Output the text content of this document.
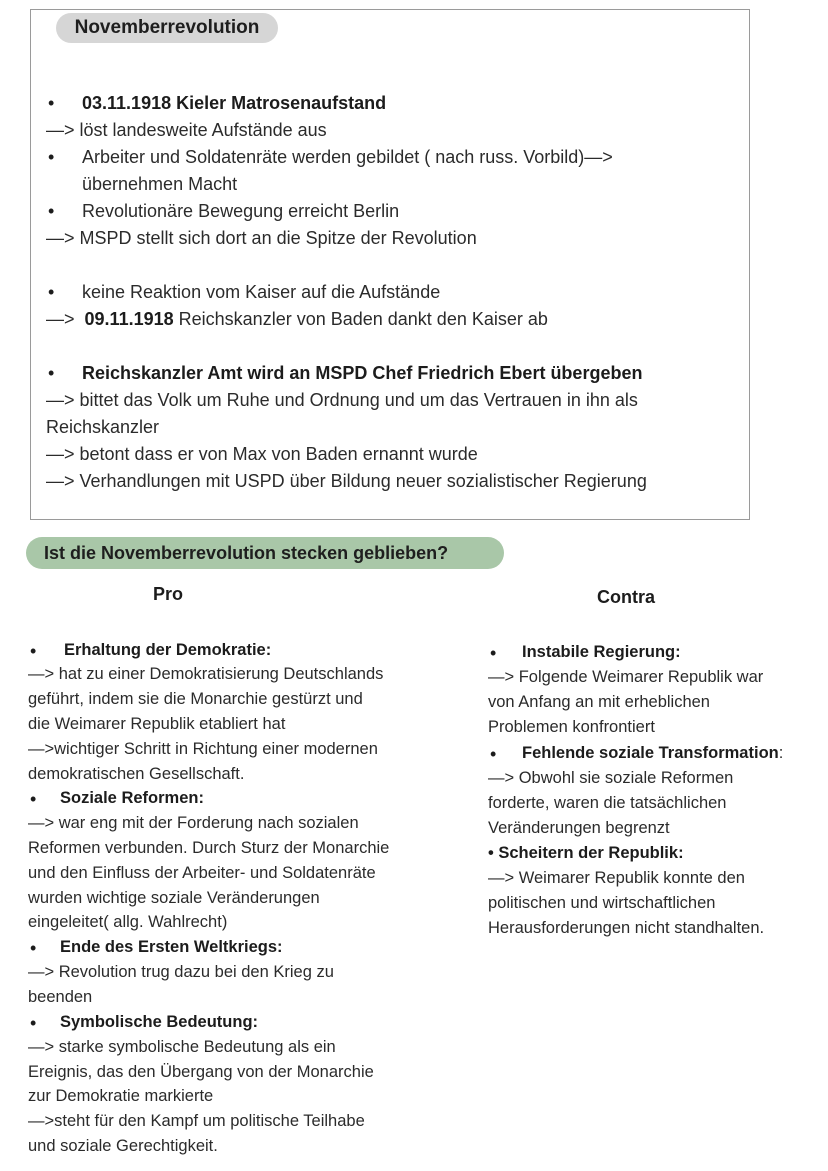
Novemberrevolution
• 03.11.1918 Kieler Matrosenaufstand
—> löst landesweite Aufstände aus
• Arbeiter und Soldatenräte werden gebildet ( nach russ. Vorbild)—>
übernehmen Macht
• Revolutionäre Bewegung erreicht Berlin
—> MSPD stellt sich dort an die Spitze der Revolution
• keine Reaktion vom Kaiser auf die Aufstände
—> 09.11.1918 Reichskanzler von Baden dankt den Kaiser ab
• Reichskanzler Amt wird an MSPD Chef Friedrich Ebert übergeben
—> bittet das Volk um Ruhe und Ordnung und um das Vertrauen in ihn als
Reichskanzler
—> betont dass er von Max von Baden ernannt wurde
—> Verhandlungen mit USPD über Bildung neuer sozialistischer Regierung
Ist die Novemberrevolution stecken geblieben?
Pro
• Erhaltung der Demokratie:
—> hat zu einer Demokratisierung Deutschlands
geführt, indem sie die Monarchie gestürzt und
die Weimarer Republik etabliert hat
—>wichtiger Schritt in Richtung einer modernen
demokratischen Gesellschaft.
• Soziale Reformen:
—> war eng mit der Forderung nach sozialen
Reformen verbunden. Durch Sturz der Monarchie
und den Einfluss der Arbeiter- und Soldatenräte
wurden wichtige soziale Veränderungen
eingeleitet( allg. Wahlrecht)
• Ende des Ersten Weltkriegs:
—> Revolution trug dazu bei den Krieg zu
beenden
• Symbolische Bedeutung:
—> starke symbolische Bedeutung als ein
Ereignis, das den Übergang von der Monarchie
zur Demokratie markierte
—>steht für den Kampf um politische Teilhabe
und soziale Gerechtigkeit.
Contra
• Instabile Regierung:
—> Folgende Weimarer Republik war
von Anfang an mit erheblichen
Problemen konfrontiert
• Fehlende soziale Transformation:
—> Obwohl sie soziale Reformen
forderte, waren die tatsächlichen
Veränderungen begrenzt
• Scheitern der Republik:
—> Weimarer Republik konnte den
politischen und wirtschaftlichen
Herausforderungen nicht standhalten.
